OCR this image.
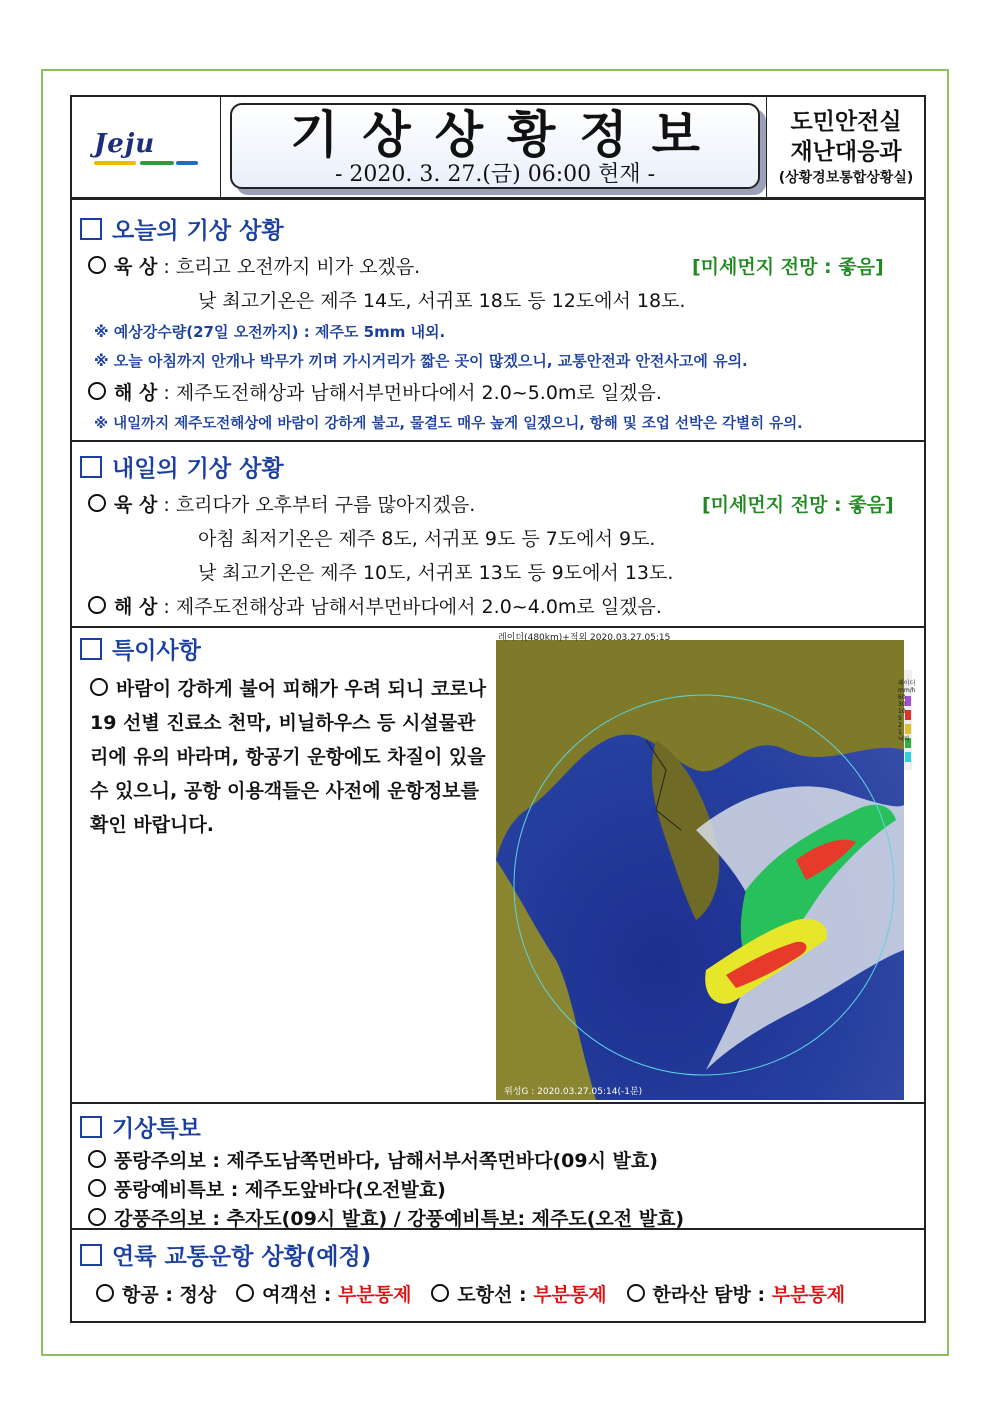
Jeju	기상상황정보
- 2020. 3. 27.(금) 06:00 현재 -
도민안전실
재난대응과
(상황경보통합상황실)
오늘의 기상 상황
육 상 : 흐리고 오전까지 비가 오겠음.	[미세먼지 전망 : 좋음]
낮 최고기온은 제주 14도, 서귀포 18도 등 12도에서 18도.
※ 예상강수량(27일 오전까지) : 제주도 5mm 내외.
※ 오늘 아침까지 안개나 박무가 끼며 가시거리가 짧은 곳이 많겠으니, 교통안전과 안전사고에 유의.
해 상 : 제주도전해상과 남해서부먼바다에서 2.0~5.0m로 일겠음.
※ 내일까지 제주도전해상에 바람이 강하게 불고, 물결도 매우 높게 일겠으니, 항해 및 조업 선박은 각별히 유의.
내일의 기상 상황
육 상 : 흐리다가 오후부터 구름 많아지겠음.	[미세먼지 전망 : 좋음]
아침 최저기온은 제주 8도, 서귀포 9도 등 7도에서 9도.
낮 최고기온은 제주 10도, 서귀포 13도 등 9도에서 13도.
해 상 : 제주도전해상과 남해서부먼바다에서 2.0~4.0m로 일겠음.
특이사항
바람이 강하게 불어 피해가 우려 되니 코로나19 선별 진료소 천막, 비닐하우스 등 시설물관리에 유의 바라며, 항공기 운항에도 차질이 있을 수 있으니, 공항 이용객들은 사전에 운항정보를 확인 바랍니다.
레이더(480km)+적외 2020.03.27.05:15
위성G : 2020.03.27.05:14(-1분)
레이더
mm/h
60
30
10
5
2
1
낙뢰
기상특보
풍랑주의보 : 제주도남쪽먼바다, 남해서부서쪽먼바다(09시 발효)
풍랑예비특보 : 제주도앞바다(오전발효)
강풍주의보 : 추자도(09시 발효) / 강풍예비특보: 제주도(오전 발효)
연륙 교통운항 상황(예정)
항공 : 정상 여객선 : 부분통제 도항선 : 부분통제 한라산 탐방 : 부분통제
